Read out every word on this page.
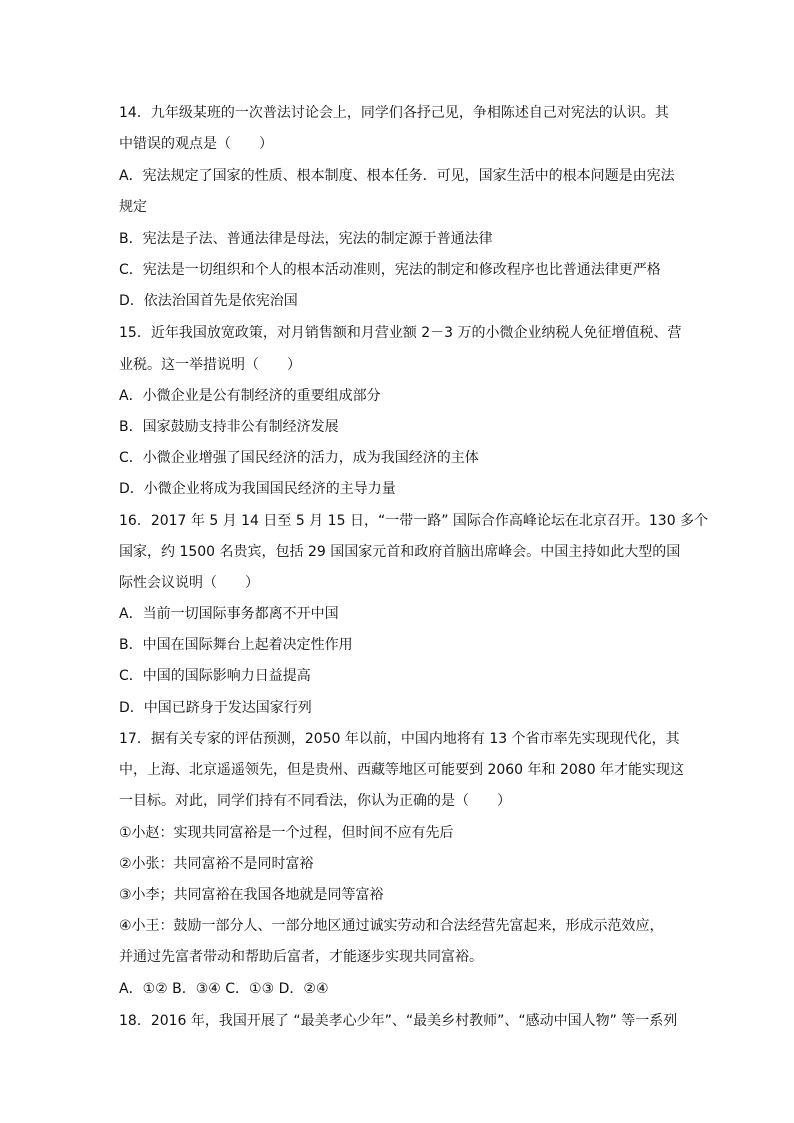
14．九年级某班的一次普法讨论会上，同学们各抒己见，争相陈述自己对宪法的认识。其
中错误的观点是（　　）
A．宪法规定了国家的性质、根本制度、根本任务．可见，国家生活中的根本问题是由宪法
规定
B．宪法是子法、普通法律是母法，宪法的制定源于普通法律
C．宪法是一切组织和个人的根本活动准则，宪法的制定和修改程序也比普通法律更严格
D．依法治国首先是依宪治国
15．近年我国放宽政策，对月销售额和月营业额 2－3 万的小微企业纳税人免征增值税、营
业税。这一举措说明（　　）
A．小微企业是公有制经济的重要组成部分
B．国家鼓励支持非公有制经济发展
C．小微企业增强了国民经济的活力，成为我国经济的主体
D．小微企业将成为我国国民经济的主导力量
16．2017 年 5 月 14 日至 5 月 15 日，“一带一路” 国际合作高峰论坛在北京召开。130 多个
国家，约 1500 名贵宾，包括 29 国国家元首和政府首脑出席峰会。中国主持如此大型的国
际性会议说明（　　）
A．当前一切国际事务都离不开中国
B．中国在国际舞台上起着决定性作用
C．中国的国际影响力日益提高
D．中国已跻身于发达国家行列
17．据有关专家的评估预测，2050 年以前，中国内地将有 13 个省市率先实现现代化，其
中，上海、北京遥遥领先，但是贵州、西藏等地区可能要到 2060 年和 2080 年才能实现这
一目标。对此，同学们持有不同看法，你认为正确的是（　　）
①小赵：实现共同富裕是一个过程，但时间不应有先后
②小张：共同富裕不是同时富裕
③小李；共同富裕在我国各地就是同等富裕
④小王：鼓励一部分人、一部分地区通过诚实劳动和合法经营先富起来，形成示范效应，
并通过先富者带动和帮助后富者，才能逐步实现共同富裕。
A．①② B．③④ C．①③ D．②④
18．2016 年，我国开展了 “最美孝心少年”、“最美乡村教师”、“感动中国人物” 等一系列
